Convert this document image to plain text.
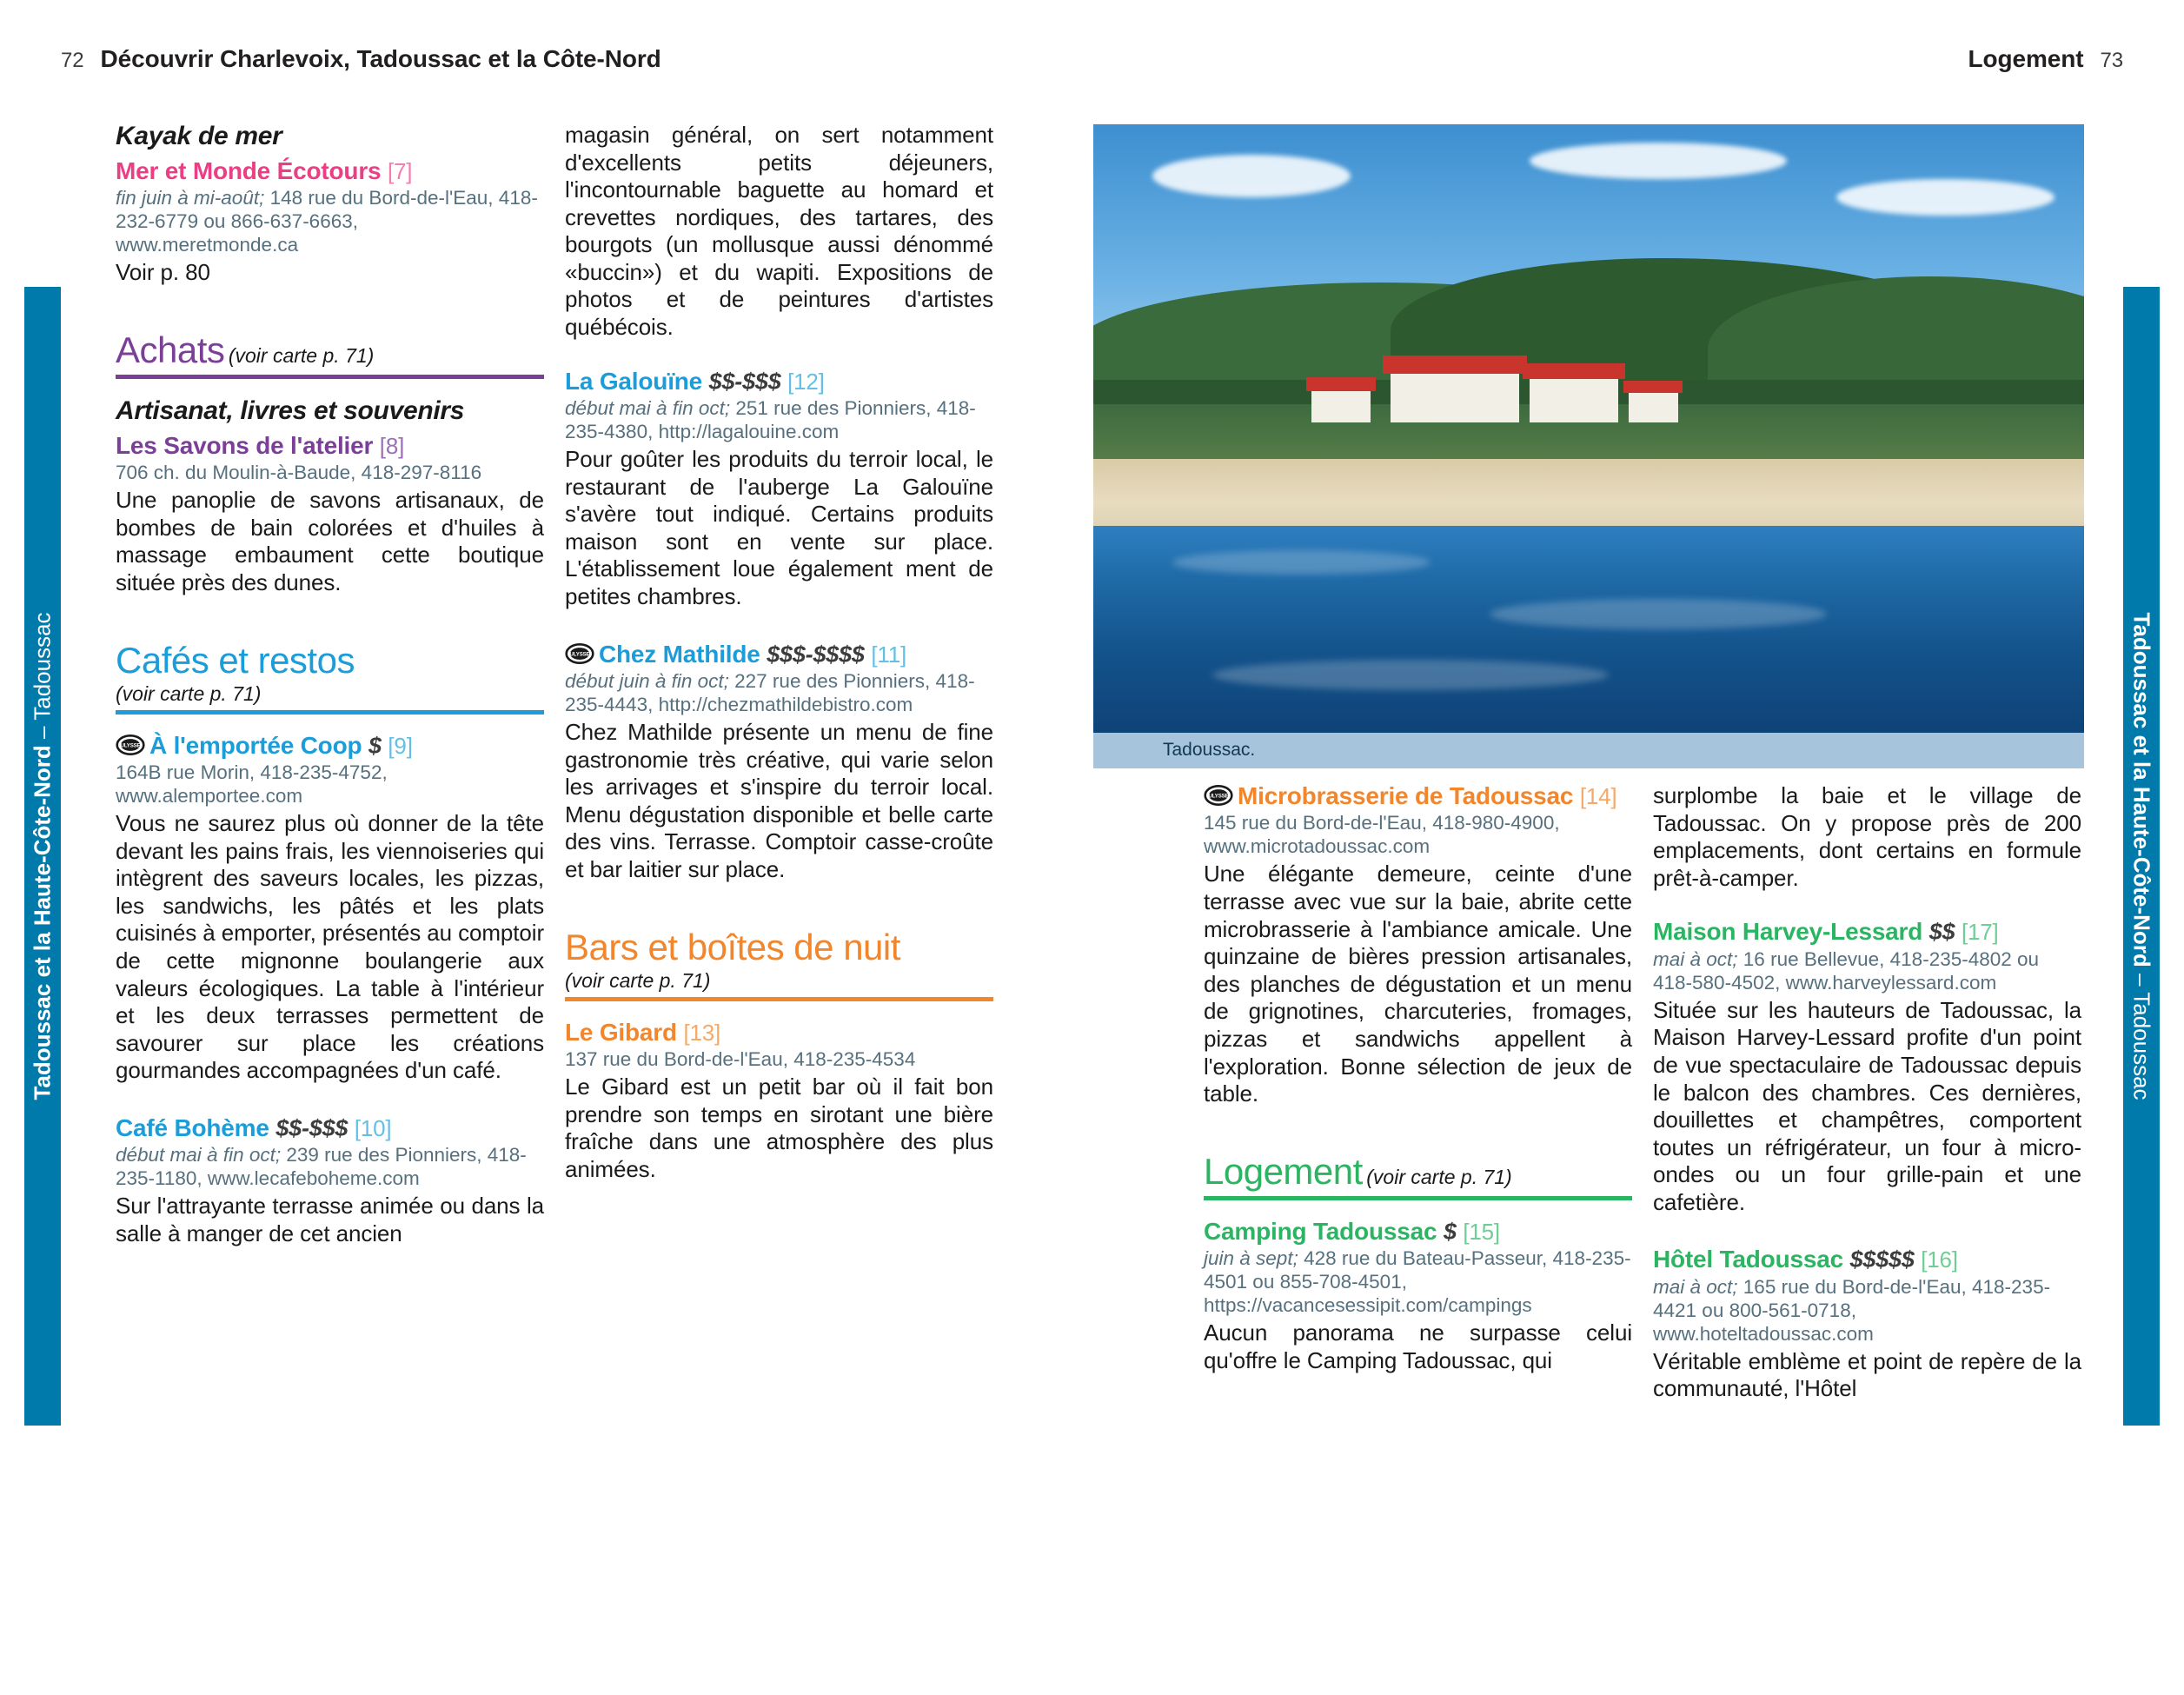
72 Découvrir Charlevoix, Tadoussac et la Côte-Nord
Tadoussac et la Haute-Côte-Nord – Tadoussac
Kayak de mer
Mer et Monde Écotours [7]
fin juin à mi-août; 148 rue du Bord-de-l'Eau, 418-232-6779 ou 866-637-6663, www.meretmonde.ca

Voir p. 80

Achats (voir carte p. 71)
Artisanat, livres et souvenirs
Les Savons de l'atelier [8]
706 ch. du Moulin-à-Baude, 418-297-8116

Une panoplie de savons artisanaux, de bombes de bain colorées et d'huiles à massage embaument cette boutique située près des dunes.

Cafés et restos
(voir carte p. 71)
ULYSSE À l'emportée Coop $ [9]
164B rue Morin, 418-235-4752, www.alemportee.com

Vous ne saurez plus où donner de la tête devant les pains frais, les viennoiseries qui intègrent des saveurs locales, les pizzas, les sandwichs, les pâtés et les plats cuisinés à emporter, présentés au comptoir de cette mignonne boulangerie aux valeurs écologiques. La table à l'intérieur et les deux terrasses permettent de savourer sur place les créations gourmandes accompagnées d'un café.

Café Bohème $$-$$$ [10]
début mai à fin oct; 239 rue des Pionniers, 418-235-1180, www.lecafeboheme.com

Sur l'attrayante terrasse animée ou dans la salle à manger de cet ancien

magasin général, on sert notamment d'excellents petits déjeuners, l'incontournable baguette au homard et crevettes nordiques, des tartares, des bourgots (un mollusque aussi dénommé «buccin») et du wapiti. Expositions de photos et de peintures d'artistes québécois.

La Galouïne $$-$$$ [12]
début mai à fin oct; 251 rue des Pionniers, 418-235-4380, http://lagalouine.com

Pour goûter les produits du terroir local, le restaurant de l'auberge La Galouïne s'avère tout indiqué. Certains produits maison sont en vente sur place. L'établissement loue également ment de petites chambres.

ULYSSE Chez Mathilde $$$-$$$$ [11]
début juin à fin oct; 227 rue des Pionniers, 418-235-4443, http://chezmathildebistro.com

Chez Mathilde présente un menu de fine gastronomie très créative, qui varie selon les arrivages et s'inspire du terroir local. Menu dégustation disponible et belle carte des vins. Terrasse. Comptoir casse-croûte et bar laitier sur place.

Bars et boîtes de nuit
(voir carte p. 71)
Le Gibard [13]
137 rue du Bord-de-l'Eau, 418-235-4534

Le Gibard est un petit bar où il fait bon prendre son temps en sirotant une bière fraîche dans une atmosphère des plus animées.

Logement 73
Tadoussac et la Haute-Côte-Nord – Tadoussac
Tadoussac.
ULYSSE Microbrasserie de Tadoussac [14]
145 rue du Bord-de-l'Eau, 418-980-4900, www.microtadoussac.com

Une élégante demeure, ceinte d'une terrasse avec vue sur la baie, abrite cette microbrasserie à l'ambiance amicale. Une quinzaine de bières pression artisanales, des planches de dégustation et un menu de grignotines, charcuteries, fromages, pizzas et sandwichs appellent à l'exploration. Bonne sélection de jeux de table.

Logement (voir carte p. 71)
Camping Tadoussac $ [15]
juin à sept; 428 rue du Bateau-Passeur, 418-235-4501 ou 855-708-4501, https://vacancesessipit.com/campings

Aucun panorama ne surpasse celui qu'offre le Camping Tadoussac, qui

surplombe la baie et le village de Tadoussac. On y propose près de 200 emplacements, dont certains en formule prêt-à-camper.

Maison Harvey-Lessard $$ [17]
mai à oct; 16 rue Bellevue, 418-235-4802 ou 418-580-4502, www.harveylessard.com

Située sur les hauteurs de Tadoussac, la Maison Harvey-Lessard profite d'un point de vue spectaculaire de Tadoussac depuis le balcon des chambres. Ces dernières, douillettes et champêtres, comportent toutes un réfrigérateur, un four à micro-ondes ou un four grille-pain et une cafetière.

Hôtel Tadoussac $$$$$ [16]
mai à oct; 165 rue du Bord-de-l'Eau, 418-235-4421 ou 800-561-0718, www.hoteltadoussac.com

Véritable emblème et point de repère de la communauté, l'Hôtel
